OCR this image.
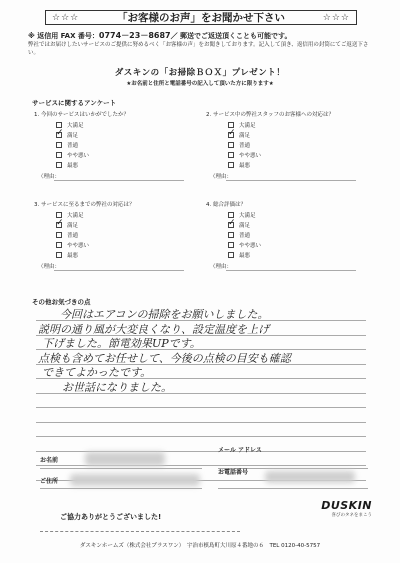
☆☆☆	「お客様のお声」をお聞かせ下さい	☆☆☆
※ 返信用 FAX 番号：0774－23－8687／ 郵送でご返送頂くことも可能です。
弊社ではお届けしたいサービスのご提供に努めるべく「お客様の声」をお聞きしております。記入して頂き、返信用の封筒にてご返送下さい。
ダスキンの「お掃除ＢＯＸ」プレゼント！
★お名前と住所と電話番号の記入して頂いた方に限ります★
サービスに関するアンケート
1. 今回のサービスはいかがでしたか？
大満足
✓
満足
普通
やや悪い
最悪
（理由：
2. サービス中の弊社スタッフのお客様への対応は？
大満足
✓
満足
普通
やや悪い
最悪
（理由：
3. サービスに至るまでの弊社の対応は？
大満足
✓
満足
普通
やや悪い
最悪
（理由：
4. 総合評価は？
大満足
✓
満足
普通
やや悪い
最悪
（理由：
その他お気づきの点
今回はエアコンの掃除をお願いしました。
説明の通り風が大変良くなり、設定温度を上げ
下げました。節電効果UPです。
点検も含めてお任せして、今後の点検の目安も確認
できてよかったです。
お世話になりました。
お名前
メール アドレス
ご住所
お電話番号
DUSKIN
喜びのタネをまこう
ご協力ありがとうございました!
ダスキンホームズ（株式会社プラスワン）　宇治市槙島町大川原４番地の６　TEL 0120-40-5757
